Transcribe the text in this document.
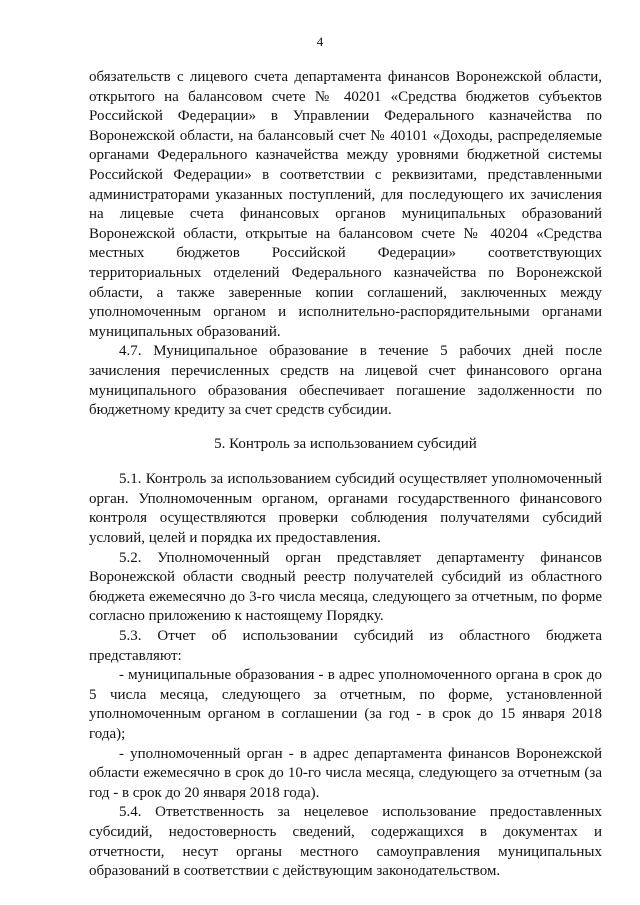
4

обязательств с лицевого счета департамента финансов Воронежской области, открытого на балансовом счете № 40201 «Средства бюджетов субъектов Российской Федерации» в Управлении Федерального казначейства по Воронежской области, на балансовый счет № 40101 «Доходы, распределяемые органами Федерального казначейства между уровнями бюджетной системы Российской Федерации» в соответствии с реквизитами, представленными администраторами указанных поступлений, для последующего их зачисления на лицевые счета финансовых органов муниципальных образований Воронежской области, открытые на балансовом счете № 40204 «Средства местных бюджетов Российской Федерации» соответствующих территориальных отделений Федерального казначейства по Воронежской области, а также заверенные копии соглашений, заключенных между уполномоченным органом и исполнительно-распорядительными органами муниципальных образований.

4.7. Муниципальное образование в течение 5 рабочих дней после зачисления перечисленных средств на лицевой счет финансового органа муниципального образования обеспечивает погашение задолженности по бюджетному кредиту за счет средств субсидии.

5. Контроль за использованием субсидий

5.1. Контроль за использованием субсидий осуществляет уполномоченный орган. Уполномоченным органом, органами государственного финансового контроля осуществляются проверки соблюдения получателями субсидий условий, целей и порядка их предоставления.

5.2. Уполномоченный орган представляет департаменту финансов Воронежской области сводный реестр получателей субсидий из областного бюджета ежемесячно до 3-го числа месяца, следующего за отчетным, по форме согласно приложению к настоящему Порядку.

5.3. Отчет об использовании субсидий из областного бюджета представляют:

- муниципальные образования - в адрес уполномоченного органа в срок до 5 числа месяца, следующего за отчетным, по форме, установленной уполномоченным органом в соглашении (за год - в срок до 15 января 2018 года);

- уполномоченный орган - в адрес департамента финансов Воронежской области ежемесячно в срок до 10-го числа месяца, следующего за отчетным (за год - в срок до 20 января 2018 года).

5.4. Ответственность за нецелевое использование предоставленных субсидий, недостоверность сведений, содержащихся в документах и отчетности, несут органы местного самоуправления муниципальных образований в соответствии с действующим законодательством.
